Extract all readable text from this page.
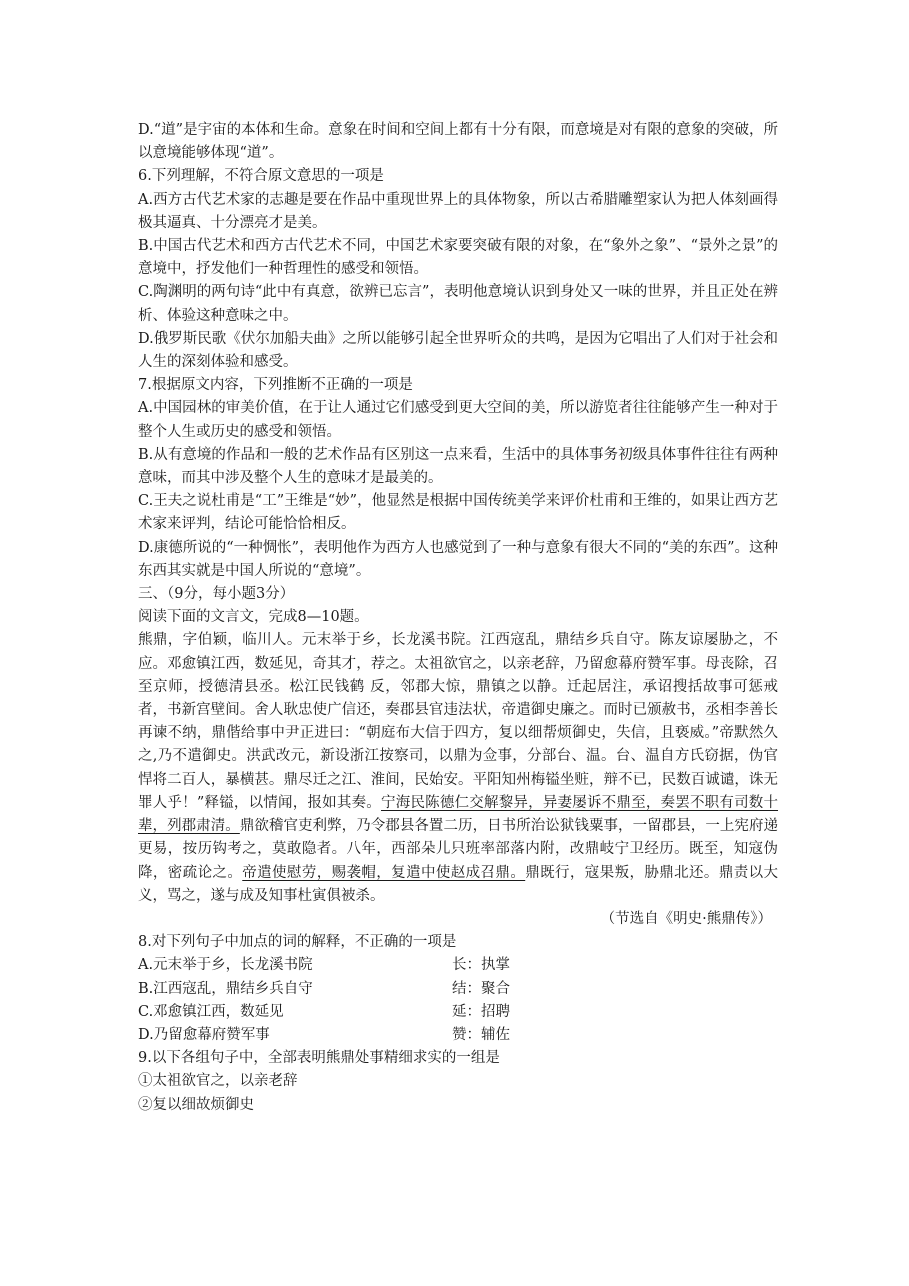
D.“道”是宇宙的本体和生命。意象在时间和空间上都有十分有限，而意境是对有限的意象的突破，所以意境能够体现“道”。

6.下列理解，不符合原文意思的一项是

A.西方古代艺术家的志趣是要在作品中重现世界上的具体物象，所以古希腊雕塑家认为把人体刻画得极其逼真、十分漂亮才是美。

B.中国古代艺术和西方古代艺术不同，中国艺术家要突破有限的对象，在“象外之象”、“景外之景”的意境中，抒发他们一种哲理性的感受和领悟。

C.陶渊明的两句诗“此中有真意，欲辨已忘言”，表明他意境认识到身处又一味的世界，并且正处在辨析、体验这种意味之中。

D.俄罗斯民歌《伏尔加船夫曲》之所以能够引起全世界听众的共鸣，是因为它唱出了人们对于社会和人生的深刻体验和感受。

7.根据原文内容，下列推断不正确的一项是

A.中国园林的审美价值，在于让人通过它们感受到更大空间的美，所以游览者往往能够产生一种对于整个人生或历史的感受和领悟。

B.从有意境的作品和一般的艺术作品有区别这一点来看，生活中的具体事务初级具体事件往往有两种意味，而其中涉及整个人生的意味才是最美的。

C.王夫之说杜甫是“工”王维是“妙”，他显然是根据中国传统美学来评价杜甫和王维的，如果让西方艺术家来评判，结论可能恰恰相反。

D.康德所说的“一种惆怅”，表明他作为西方人也感觉到了一种与意象有很大不同的“美的东西”。这种东西其实就是中国人所说的“意境”。

三、（9分，每小题3分）

阅读下面的文言文，完成8—10题。

熊鼎，字伯颖，临川人。元末举于乡，长龙溪书院。江西寇乱，鼎结乡兵自守。陈友谅屡胁之，不应。邓愈镇江西，数延见，奇其才，荐之。太祖欲官之，以亲老辞，乃留愈幕府赞军事。母丧除，召至京师，授德清县丞。松江民钱鹤 反，邻郡大惊，鼎镇之以静。迁起居注，承诏搜括故事可惩戒者，书新宫壁间。舍人耿忠使广信还，奏郡县官违法状，帝遣御史廉之。而时已颁赦书，丞相李善长再谏不纳，鼎偕给事中尹正进曰：“朝庭布大信于四方，复以细帮烦御史，失信，且亵威。”帝默然久之,乃不遣御史。洪武改元，新设浙江按察司，以鼎为佥事，分部台、温。台、温自方氏窃据，伪官悍将二百人，暴横甚。鼎尽迁之江、淮间，民始安。平阳知州梅镒坐赃，辩不已，民数百诚谴，诛无罪人乎！”释镒，以情闻，报如其奏。宁海民陈德仁交解黎异，异妻屡诉不鼎至，奏罢不职有司数十辈，列郡肃清。鼎欲稽官吏利弊，乃令郡县各置二历，日书所治讼狱钱粟事，一留郡县，一上宪府递更易，按历钩考之，莫敢隐者。八年，西部朵儿只班率部落内附，改鼎岐宁卫经历。既至，知寇伪降，密疏论之。帝遣使慰劳，赐袭帽，复遣中使赵成召鼎。鼎既行，寇果叛，胁鼎北还。鼎责以大义，骂之，遂与成及知事杜寅俱被杀。

（节选自《明史·熊鼎传》）

8.对下列句子中加点的词的解释，不正确的一项是

A.元末举于乡，长龙溪书院	长：执掌
B.江西寇乱，鼎结乡兵自守	结：聚合
C.邓愈镇江西，数延见	延：招聘
D.乃留愈幕府赞军事	赞：辅佐

9.以下各组句子中，全部表明熊鼎处事精细求实的一组是

①太祖欲官之，以亲老辞

②复以细故烦御史
